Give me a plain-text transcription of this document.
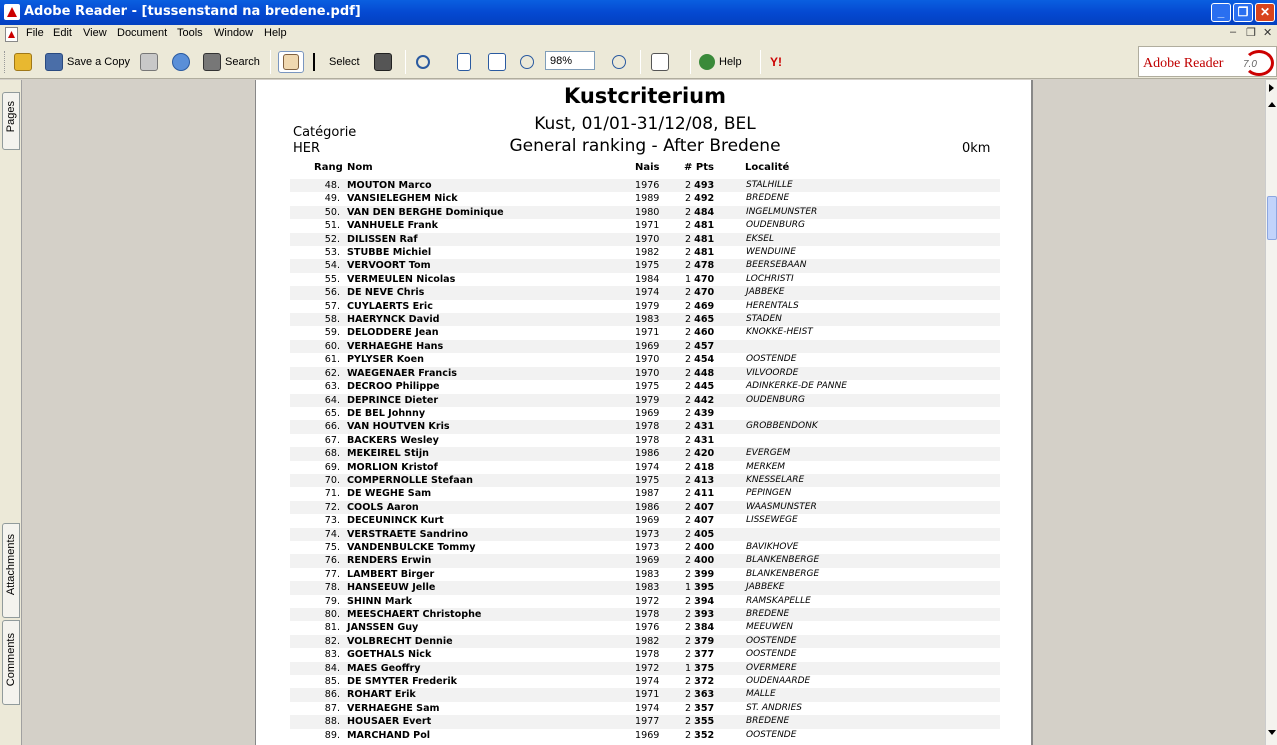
Adobe Reader - [tussenstand na bredene.pdf]	_	❐ ✕
File Edit View Document Tools Window Help	– ❐ ✕
Save a Copy	Search	Select	Help Y!
98%	Adobe Reader 7.0
Pages
Attachments
Comments
Kustcriterium
Kust, 01/01-31/12/08, BEL
General ranking - After Bredene
Catégorie
HER	0km
Rang Nom	Nais # Pts	Localité
48. MOUTON Marco	1976	2 493	STALHILLE
49. VANSIELEGHEM Nick	1989	2 492	BREDENE
50. VAN DEN BERGHE Dominique	1980	2 484	INGELMUNSTER
51. VANHUELE Frank	1971	2 481	OUDENBURG
52. DILISSEN Raf	1970	2 481	EKSEL
53. STUBBE Michiel	1982	2 481	WENDUINE
54. VERVOORT Tom	1975	2 478	BEERSEBAAN
55. VERMEULEN Nicolas	1984	1 470	LOCHRISTI
56. DE NEVE Chris	1974	2 470	JABBEKE
57. CUYLAERTS Eric	1979	2 469	HERENTALS
58. HAERYNCK David	1983	2 465	STADEN
59. DELODDERE Jean	1971	2 460	KNOKKE-HEIST
60. VERHAEGHE Hans	1969	2 457
61. PYLYSER Koen	1970	2 454	OOSTENDE
62. WAEGENAER Francis	1970	2 448	VILVOORDE
63. DECROO Philippe	1975	2 445	ADINKERKE-DE PANNE
64. DEPRINCE Dieter	1979	2 442	OUDENBURG
65. DE BEL Johnny	1969	2 439
66. VAN HOUTVEN Kris	1978	2 431	GROBBENDONK
67. BACKERS Wesley	1978	2 431
68. MEKEIREL Stijn	1986	2 420	EVERGEM
69. MORLION Kristof	1974	2 418	MERKEM
70. COMPERNOLLE Stefaan	1975	2 413	KNESSELARE
71. DE WEGHE Sam	1987	2 411	PEPINGEN
72. COOLS Aaron	1986	2 407	WAASMUNSTER
73. DECEUNINCK Kurt	1969	2 407	LISSEWEGE
74. VERSTRAETE Sandrino	1973	2 405
75. VANDENBULCKE Tommy	1973	2 400	BAVIKHOVE
76. RENDERS Erwin	1969	2 400	BLANKENBERGE
77. LAMBERT Birger	1983	2 399	BLANKENBERGE
78. HANSEEUW Jelle	1983	1 395	JABBEKE
79. SHINN Mark	1972	2 394	RAMSKAPELLE
80. MEESCHAERT Christophe	1978	2 393	BREDENE
81. JANSSEN Guy	1976	2 384	MEEUWEN
82. VOLBRECHT Dennie	1982	2 379	OOSTENDE
83. GOETHALS Nick	1978	2 377	OOSTENDE
84. MAES Geoffry	1972	1 375	OVERMERE
85. DE SMYTER Frederik	1974	2 372	OUDENAARDE
86. ROHART Erik	1971	2 363	MALLE
87. VERHAEGHE Sam	1974	2 357	ST. ANDRIES
88. HOUSAER Evert	1977	2 355	BREDENE
89. MARCHAND Pol	1969	2 352	OOSTENDE
